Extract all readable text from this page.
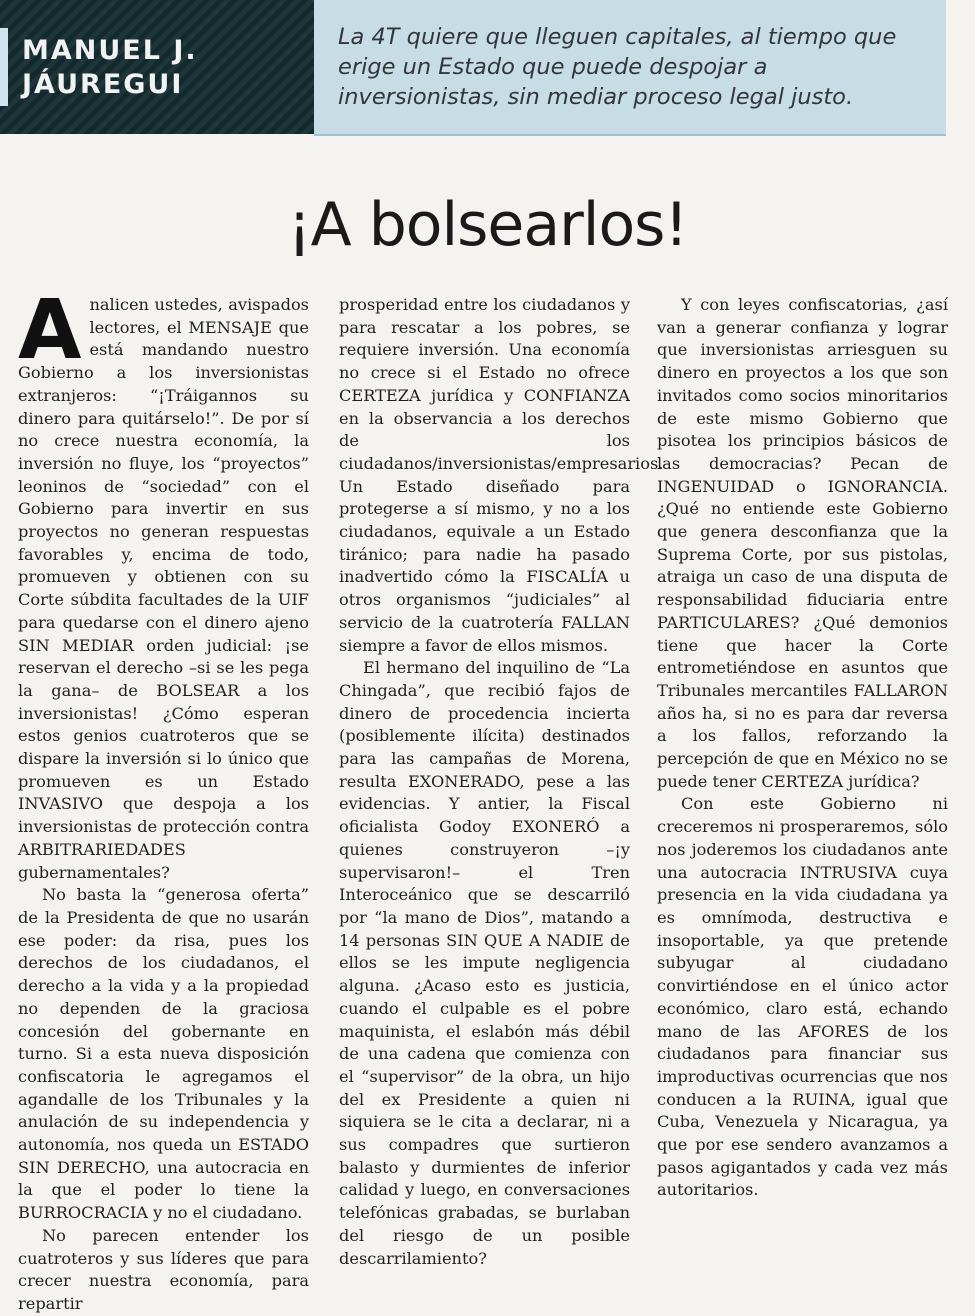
MANUEL J. JÁUREGUI
La 4T quiere que lleguen capitales, al tiempo que erige un Estado que puede despojar a inversionistas, sin mediar proceso legal justo.
¡A bolsearlos!

Analicen ustedes, avispados lectores, el MENSAJE que está mandando nuestro Gobierno a los inversionistas extranjeros: “¡Tráigannos su dinero para quitárselo!”. De por sí no crece nuestra economía, la inversión no fluye, los “proyectos” leoninos de “sociedad” con el Gobierno para invertir en sus proyectos no generan respuestas favorables y, encima de todo, promueven y obtienen con su Corte súbdita facultades de la UIF para quedarse con el dinero ajeno SIN MEDIAR orden judicial: ¡se reservan el derecho –si se les pega la gana– de BOLSEAR a los inversionistas! ¿Cómo esperan estos genios cuatroteros que se dispare la inversión si lo único que promueven es un Estado INVASIVO que despoja a los inversionistas de protección contra ARBITRARIEDADES gubernamentales?

No basta la “generosa oferta” de la Presidenta de que no usarán ese poder: da risa, pues los derechos de los ciudadanos, el derecho a la vida y a la propiedad no dependen de la graciosa concesión del gobernante en turno. Si a esta nueva disposición confiscatoria le agregamos el agandalle de los Tribunales y la anulación de su independencia y autonomía, nos queda un ESTADO SIN DERECHO, una autocracia en la que el poder lo tiene la BURROCRACIA y no el ciudadano.

No parecen entender los cuatroteros y sus líderes que para crecer nuestra economía, para repartir

prosperidad entre los ciudadanos y para rescatar a los pobres, se requiere inversión. Una economía no crece si el Estado no ofrece CERTEZA jurídica y CONFIANZA en la observancia a los derechos de los ciudadanos/inversionistas/empresarios. Un Estado diseñado para protegerse a sí mismo, y no a los ciudadanos, equivale a un Estado tiránico; para nadie ha pasado inadvertido cómo la FISCALÍA u otros organismos “judiciales” al servicio de la cuatrotería FALLAN siempre a favor de ellos mismos.

El hermano del inquilino de “La Chingada”, que recibió fajos de dinero de procedencia incierta (posiblemente ilícita) destinados para las campañas de Morena, resulta EXONERADO, pese a las evidencias. Y antier, la Fiscal oficialista Godoy EXONERÓ a quienes construyeron –¡y supervisaron!– el Tren Interoceánico que se descarriló por “la mano de Dios”, matando a 14 personas SIN QUE A NADIE de ellos se les impute negligencia alguna. ¿Acaso esto es justicia, cuando el culpable es el pobre maquinista, el eslabón más débil de una cadena que comienza con el “supervisor” de la obra, un hijo del ex Presidente a quien ni siquiera se le cita a declarar, ni a sus compadres que surtieron balasto y durmientes de inferior calidad y luego, en conversaciones telefónicas grabadas, se burlaban del riesgo de un posible descarrilamiento?

Y con leyes confiscatorias, ¿así van a generar confianza y lograr que inversionistas arriesguen su dinero en proyectos a los que son invitados como socios minoritarios de este mismo Gobierno que pisotea los principios básicos de las democracias? Pecan de INGENUIDAD o IGNORANCIA. ¿Qué no entiende este Gobierno que genera desconfianza que la Suprema Corte, por sus pistolas, atraiga un caso de una disputa de responsabilidad fiduciaria entre PARTICULARES? ¿Qué demonios tiene que hacer la Corte entrometiéndose en asuntos que Tribunales mercantiles FALLARON años ha, si no es para dar reversa a los fallos, reforzando la percepción de que en México no se puede tener CERTEZA jurídica?

Con este Gobierno ni creceremos ni prosperaremos, sólo nos joderemos los ciudadanos ante una autocracia INTRUSIVA cuya presencia en la vida ciudadana ya es omnímoda, destructiva e insoportable, ya que pretende subyugar al ciudadano convirtiéndose en el único actor económico, claro está, echando mano de las AFORES de los ciudadanos para financiar sus improductivas ocurrencias que nos conducen a la RUINA, igual que Cuba, Venezuela y Nicaragua, ya que por ese sendero avanzamos a pasos agigantados y cada vez más autoritarios.
